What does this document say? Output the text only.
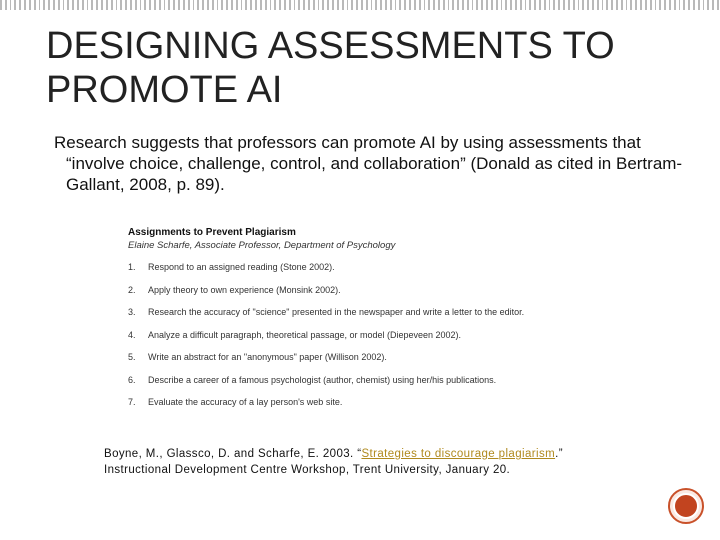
DESIGNING ASSESSMENTS TO
PROMOTE AI

Research suggests that professors can promote AI by using assessments that “involve choice, challenge, control, and collaboration” (Donald as cited in Bertram-Gallant, 2008, p. 89).

Assignments to Prevent Plagiarism
Elaine Scharfe, Associate Professor, Department of Psychology
1.	Respond to an assigned reading (Stone 2002).
2.	Apply theory to own experience (Monsink 2002).
3.	Research the accuracy of "science" presented in the newspaper and write a letter to the editor.
4.	Analyze a difficult paragraph, theoretical passage, or model (Diepeveen 2002).
5.	Write an abstract for an "anonymous" paper (Willison 2002).
6.	Describe a career of a famous psychologist (author, chemist) using her/his publications.
7.	Evaluate the accuracy of a lay person's web site.
Boyne, M., Glassco, D. and Scharfe, E. 2003. “Strategies to discourage plagiarism.” Instructional Development Centre Workshop, Trent University, January 20.
